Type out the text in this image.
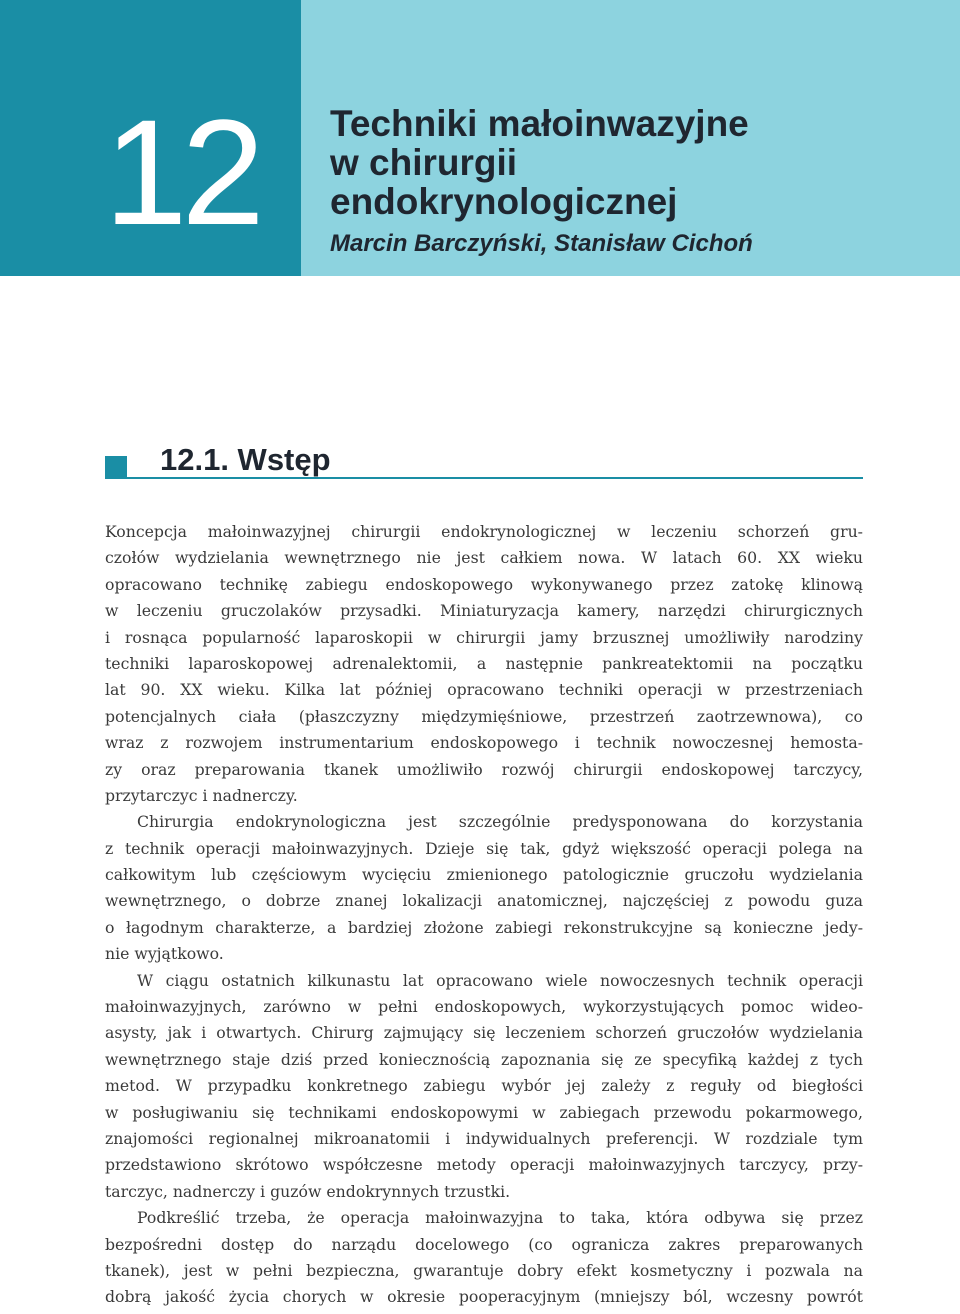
12	Techniki małoinwazyjne
w chirurgii
endokrynologicznej
Marcin Barczyński, Stanisław Cichoń
12.1. Wstęp
Koncepcja małoinwazyjnej chirurgii endokrynologicznej w leczeniu schorzeń gru-
czołów wydzielania wewnętrznego nie jest całkiem nowa. W latach 60. XX wieku
opracowano technikę zabiegu endoskopowego wykonywanego przez zatokę klinową
w leczeniu gruczolaków przysadki. Miniaturyzacja kamery, narzędzi chirurgicznych
i rosnąca popularność laparoskopii w chirurgii jamy brzusznej umożliwiły narodziny
techniki laparoskopowej adrenalektomii, a następnie pankreatektomii na początku
lat 90. XX wieku. Kilka lat później opracowano techniki operacji w przestrzeniach
potencjalnych ciała (płaszczyzny międzymięśniowe, przestrzeń zaotrzewnowa), co
wraz z rozwojem instrumentarium endoskopowego i technik nowoczesnej hemosta-
zy oraz preparowania tkanek umożliwiło rozwój chirurgii endoskopowej tarczycy,
przytarczyc i nadnerczy.
Chirurgia endokrynologiczna jest szczególnie predysponowana do korzystania
z technik operacji małoinwazyjnych. Dzieje się tak, gdyż większość operacji polega na
całkowitym lub częściowym wycięciu zmienionego patologicznie gruczołu wydzielania
wewnętrznego, o dobrze znanej lokalizacji anatomicznej, najczęściej z powodu guza
o łagodnym charakterze, a bardziej złożone zabiegi rekonstrukcyjne są konieczne jedy-
nie wyjątkowo.
W ciągu ostatnich kilkunastu lat opracowano wiele nowoczesnych technik operacji
małoinwazyjnych, zarówno w pełni endoskopowych, wykorzystujących pomoc wideo-
asysty, jak i otwartych. Chirurg zajmujący się leczeniem schorzeń gruczołów wydzielania
wewnętrznego staje dziś przed koniecznością zapoznania się ze specyfiką każdej z tych
metod. W przypadku konkretnego zabiegu wybór jej zależy z reguły od biegłości
w posługiwaniu się technikami endoskopowymi w zabiegach przewodu pokarmowego,
znajomości regionalnej mikroanatomii i indywidualnych preferencji. W rozdziale tym
przedstawiono skrótowo współczesne metody operacji małoinwazyjnych tarczycy, przy-
tarczyc, nadnerczy i guzów endokrynnych trzustki.
Podkreślić trzeba, że operacja małoinwazyjna to taka, która odbywa się przez
bezpośredni dostęp do narządu docelowego (co ogranicza zakres preparowanych
tkanek), jest w pełni bezpieczna, gwarantuje dobry efekt kosmetyczny i pozwala na
dobrą jakość życia chorych w okresie pooperacyjnym (mniejszy ból, wczesny powrót
